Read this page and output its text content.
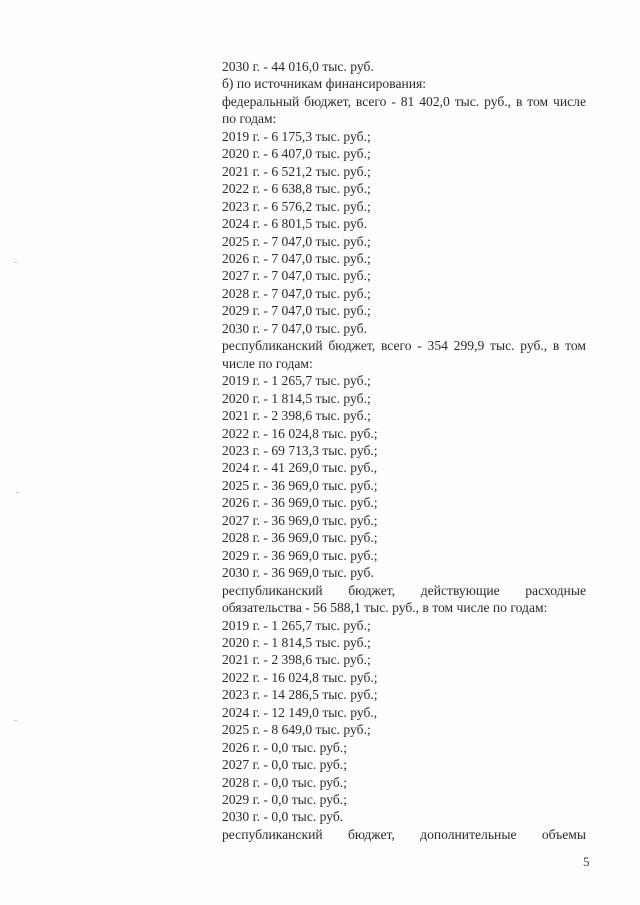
2030 г. - 44 016,0 тыс. руб.
б) по источникам финансирования:
федеральный бюджет, всего - 81 402,0 тыс. руб., в том числе по годам:
2019 г. - 6 175,3 тыс. руб.;
2020 г. - 6 407,0 тыс. руб.;
2021 г. - 6 521,2 тыс. руб.;
2022 г. - 6 638,8 тыс. руб.;
2023 г. - 6 576,2 тыс. руб.;
2024 г. - 6 801,5 тыс. руб.
2025 г. - 7 047,0 тыс. руб.;
2026 г. - 7 047,0 тыс. руб.;
2027 г. - 7 047,0 тыс. руб.;
2028 г. - 7 047,0 тыс. руб.;
2029 г. - 7 047,0 тыс. руб.;
2030 г. - 7 047,0 тыс. руб.
республиканский бюджет, всего - 354 299,9 тыс. руб., в том числе по годам:
2019 г. - 1 265,7 тыс. руб.;
2020 г. - 1 814,5 тыс. руб.;
2021 г. - 2 398,6 тыс. руб.;
2022 г. - 16 024,8 тыс. руб.;
2023 г. - 69 713,3 тыс. руб.;
2024 г. - 41 269,0 тыс. руб.,
2025 г. - 36 969,0 тыс. руб.;
2026 г. - 36 969,0 тыс. руб.;
2027 г. - 36 969,0 тыс. руб.;
2028 г. - 36 969,0 тыс. руб.;
2029 г. - 36 969,0 тыс. руб.;
2030 г. - 36 969,0 тыс. руб.
республиканский бюджет, действующие расходные обязательства - 56 588,1 тыс. руб., в том числе по годам:
2019 г. - 1 265,7 тыс. руб.;
2020 г. - 1 814,5 тыс. руб.;
2021 г. - 2 398,6 тыс. руб.;
2022 г. - 16 024,8 тыс. руб.;
2023 г. - 14 286,5 тыс. руб.;
2024 г. - 12 149,0 тыс. руб.,
2025 г. - 8 649,0 тыс. руб.;
2026 г. - 0,0 тыс. руб.;
2027 г. - 0,0 тыс. руб.;
2028 г. - 0,0 тыс. руб.;
2029 г. - 0,0 тыс. руб.;
2030 г. - 0,0 тыс. руб.
республиканский бюджет, дополнительные объемы
5
